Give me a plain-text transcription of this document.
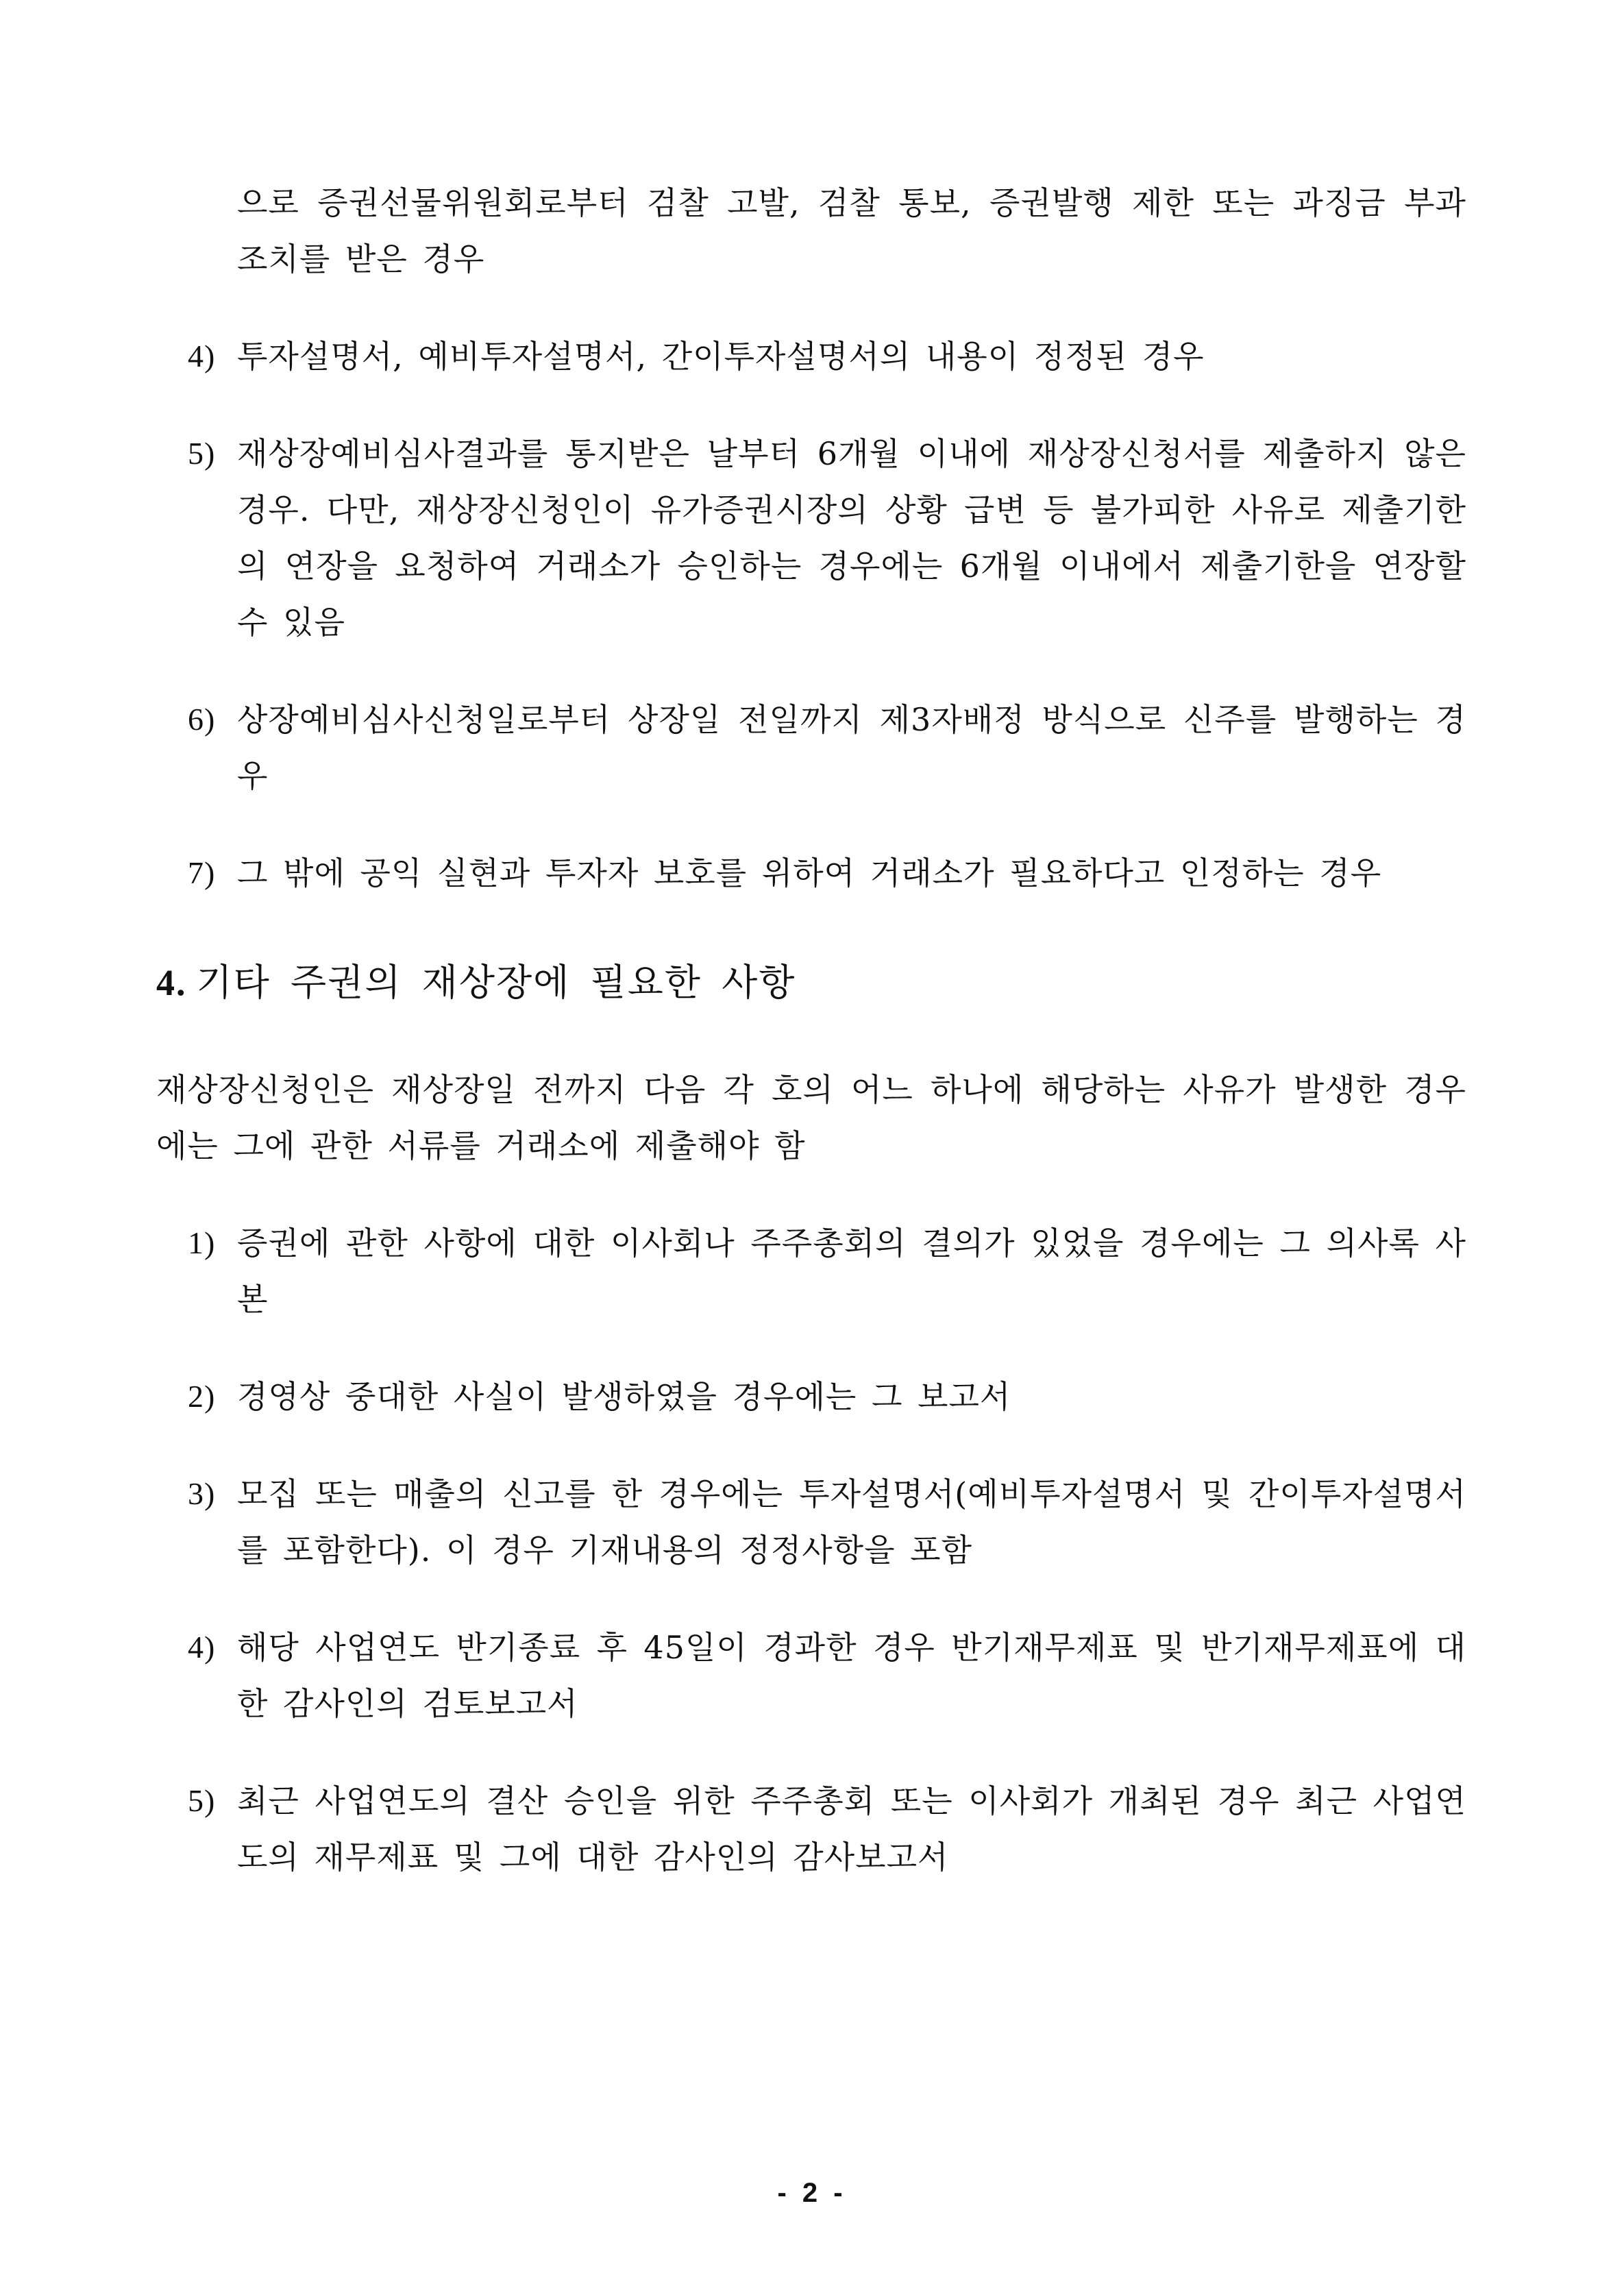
으로 증권선물위원회로부터 검찰 고발, 검찰 통보, 증권발행 제한 또는 과징금 부과 조치를 받은 경우
4) 투자설명서, 예비투자설명서, 간이투자설명서의 내용이 정정된 경우
5) 재상장예비심사결과를 통지받은 날부터 6개월 이내에 재상장신청서를 제출하지 않은 경우. 다만, 재상장신청인이 유가증권시장의 상황 급변 등 불가피한 사유로 제출기한의 연장을 요청하여 거래소가 승인하는 경우에는 6개월 이내에서 제출기한을 연장할 수 있음
6) 상장예비심사신청일로부터 상장일 전일까지 제3자배정 방식으로 신주를 발행하는 경우
7) 그 밖에 공익 실현과 투자자 보호를 위하여 거래소가 필요하다고 인정하는 경우
4. 기타 주권의 재상장에 필요한 사항
재상장신청인은 재상장일 전까지 다음 각 호의 어느 하나에 해당하는 사유가 발생한 경우에는 그에 관한 서류를 거래소에 제출해야 함
1) 증권에 관한 사항에 대한 이사회나 주주총회의 결의가 있었을 경우에는 그 의사록 사본
2) 경영상 중대한 사실이 발생하였을 경우에는 그 보고서
3) 모집 또는 매출의 신고를 한 경우에는 투자설명서(예비투자설명서 및 간이투자설명서를 포함한다). 이 경우 기재내용의 정정사항을 포함
4) 해당 사업연도 반기종료 후 45일이 경과한 경우 반기재무제표 및 반기재무제표에 대한 감사인의 검토보고서
5) 최근 사업연도의 결산 승인을 위한 주주총회 또는 이사회가 개최된 경우 최근 사업연도의 재무제표 및 그에 대한 감사인의 감사보고서
- 2 -
